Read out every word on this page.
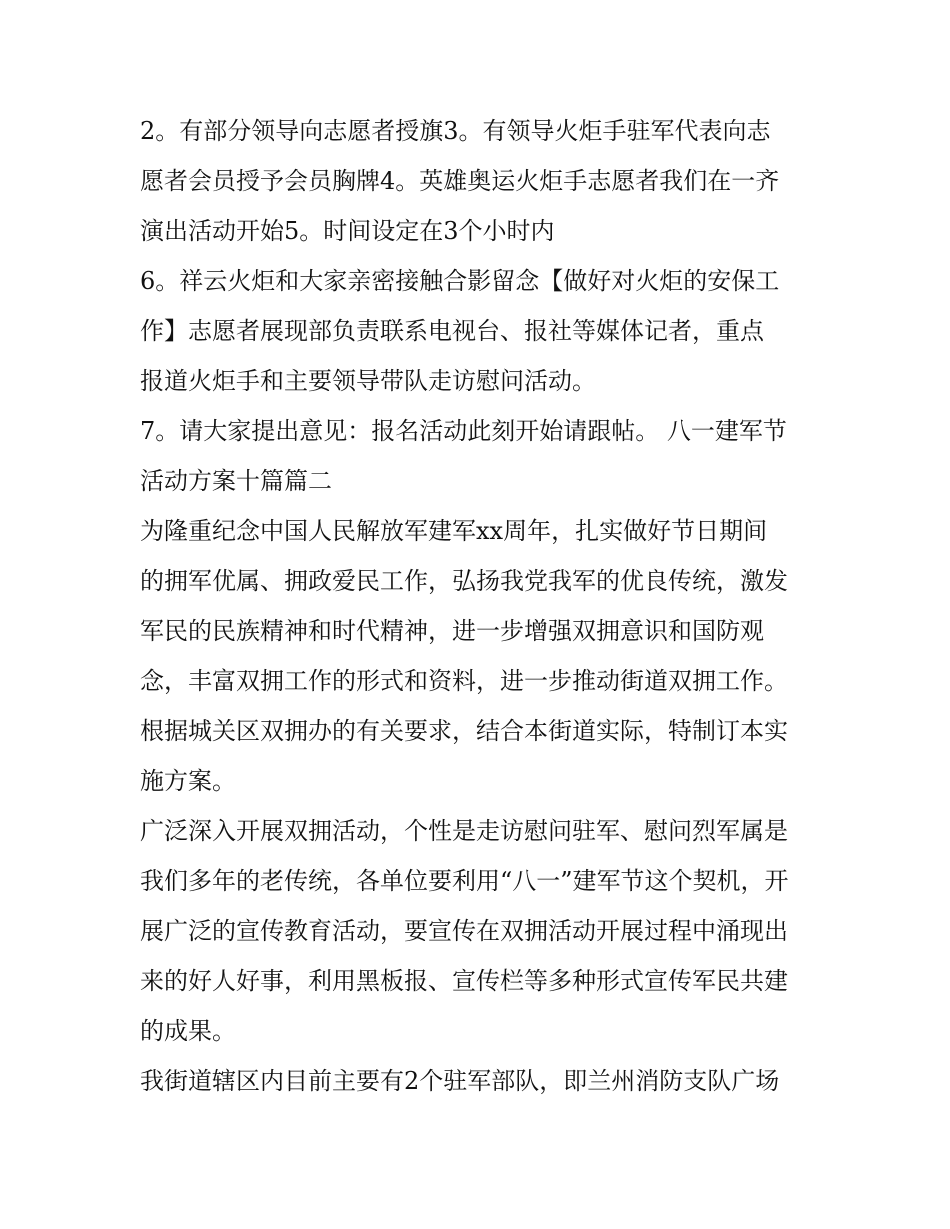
2。有部分领导向志愿者授旗3。有领导火炬手驻军代表向志
愿者会员授予会员胸牌4。英雄奥运火炬手志愿者我们在一齐
演出活动开始5。时间设定在3个小时内

6。祥云火炬和大家亲密接触合影留念【做好对火炬的安保工
作】志愿者展现部负责联系电视台、报社等媒体记者，重点
报道火炬手和主要领导带队走访慰问活动。

7。请大家提出意见：报名活动此刻开始请跟帖。 八一建军节
活动方案十篇篇二

为隆重纪念中国人民解放军建军xx周年，扎实做好节日期间
的拥军优属、拥政爱民工作，弘扬我党我军的优良传统，激发
军民的民族精神和时代精神，进一步增强双拥意识和国防观
念，丰富双拥工作的形式和资料，进一步推动街道双拥工作。
根据城关区双拥办的有关要求，结合本街道实际，特制订本实
施方案。

广泛深入开展双拥活动，个性是走访慰问驻军、慰问烈军属是
我们多年的老传统，各单位要利用“八一”建军节这个契机，开
展广泛的宣传教育活动，要宣传在双拥活动开展过程中涌现出
来的好人好事，利用黑板报、宣传栏等多种形式宣传军民共建
的成果。

我街道辖区内目前主要有2个驻军部队，即兰州消防支队广场
